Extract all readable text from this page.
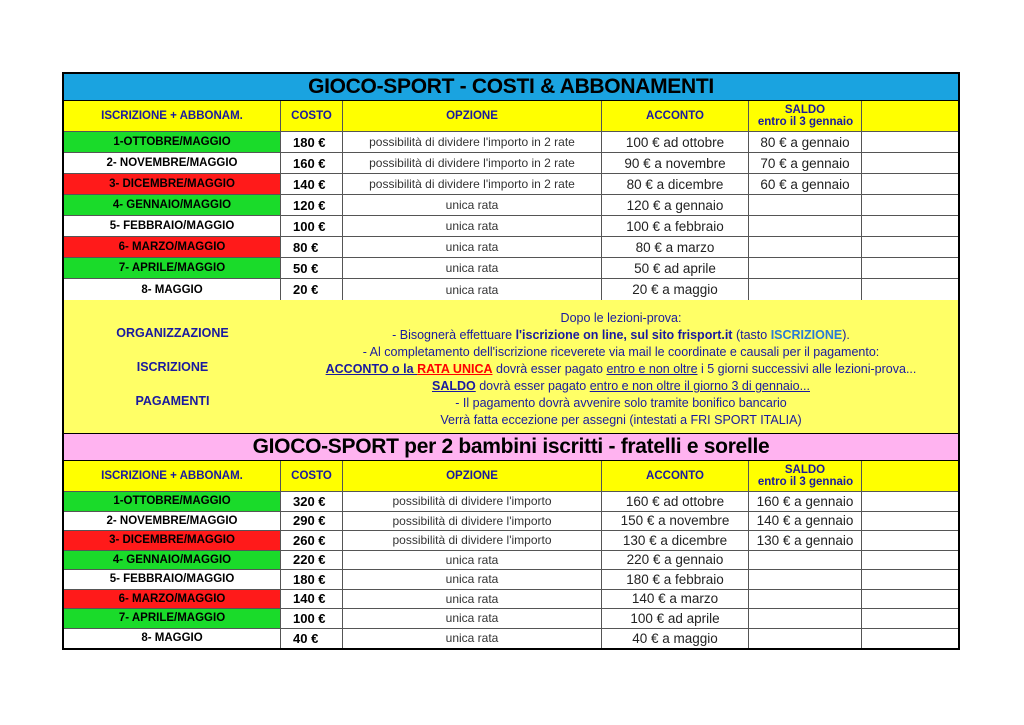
GIOCO-SPORT - COSTI & ABBONAMENTI
ISCRIZIONE + ABBONAM.	COSTO	OPZIONE	ACCONTO	SALDO
1-OTTOBRE/MAGGIO	180 €	possibilità di dividere l'importo in 2 rate	100 € ad ottobre	80 € a gennaio
2- NOVEMBRE/MAGGIO	160 €	possibilità di dividere l'importo in 2 rate	90 € a novembre	70 € a gennaio
3- DICEMBRE/MAGGIO	140 €	possibilità di dividere l'importo in 2 rate	80 € a dicembre	60 € a gennaio
4- GENNAIO/MAGGIO	120 €	unica rata	120 € a gennaio
5- FEBBRAIO/MAGGIO	100 €	unica rata	100 € a febbraio
6- MARZO/MAGGIO	80 €	unica rata	80 € a marzo
7- APRILE/MAGGIO	50 €	unica rata	50 € ad aprile
8- MAGGIO	20 €	unica rata	20 € a maggio
ORGANIZZAZIONE
ISCRIZIONE
PAGAMENTI
Dopo le lezioni-prova:
- Bisognerà effettuare l'iscrizione on line, sul sito frisport.it (tasto ISCRIZIONE).
- Al completamento dell'iscrizione riceverete via mail le coordinate e causali per il pagamento:
ACCONTO o la RATA UNICA dovrà esser pagato entro e non oltre i 5 giorni successivi alle lezioni-prova...
SALDO dovrà esser pagato entro e non oltre il giorno 3 di gennaio...
- Il pagamento dovrà avvenire solo tramite bonifico bancario
Verrà fatta eccezione per assegni (intestati a FRI SPORT ITALIA)
GIOCO-SPORT per 2 bambini iscritti - fratelli e sorelle
ISCRIZIONE + ABBONAM.	COSTO	OPZIONE	ACCONTO	SALDO
1-OTTOBRE/MAGGIO	320 €	possibilità di dividere l'importo	160 € ad ottobre	160 € a gennaio
2- NOVEMBRE/MAGGIO	290 €	possibilità di dividere l'importo	150 € a novembre	140 € a gennaio
3- DICEMBRE/MAGGIO	260 €	possibilità di dividere l'importo	130 € a dicembre	130 € a gennaio
4- GENNAIO/MAGGIO	220 €	unica rata	220 € a gennaio
5- FEBBRAIO/MAGGIO	180 €	unica rata	180 € a febbraio
6- MARZO/MAGGIO	140 €	unica rata	140 € a marzo
7- APRILE/MAGGIO	100 €	unica rata	100 € ad aprile
8- MAGGIO	40 €	unica rata	40 € a maggio
entro il 3 gennaio
entro il 3 gennaio
